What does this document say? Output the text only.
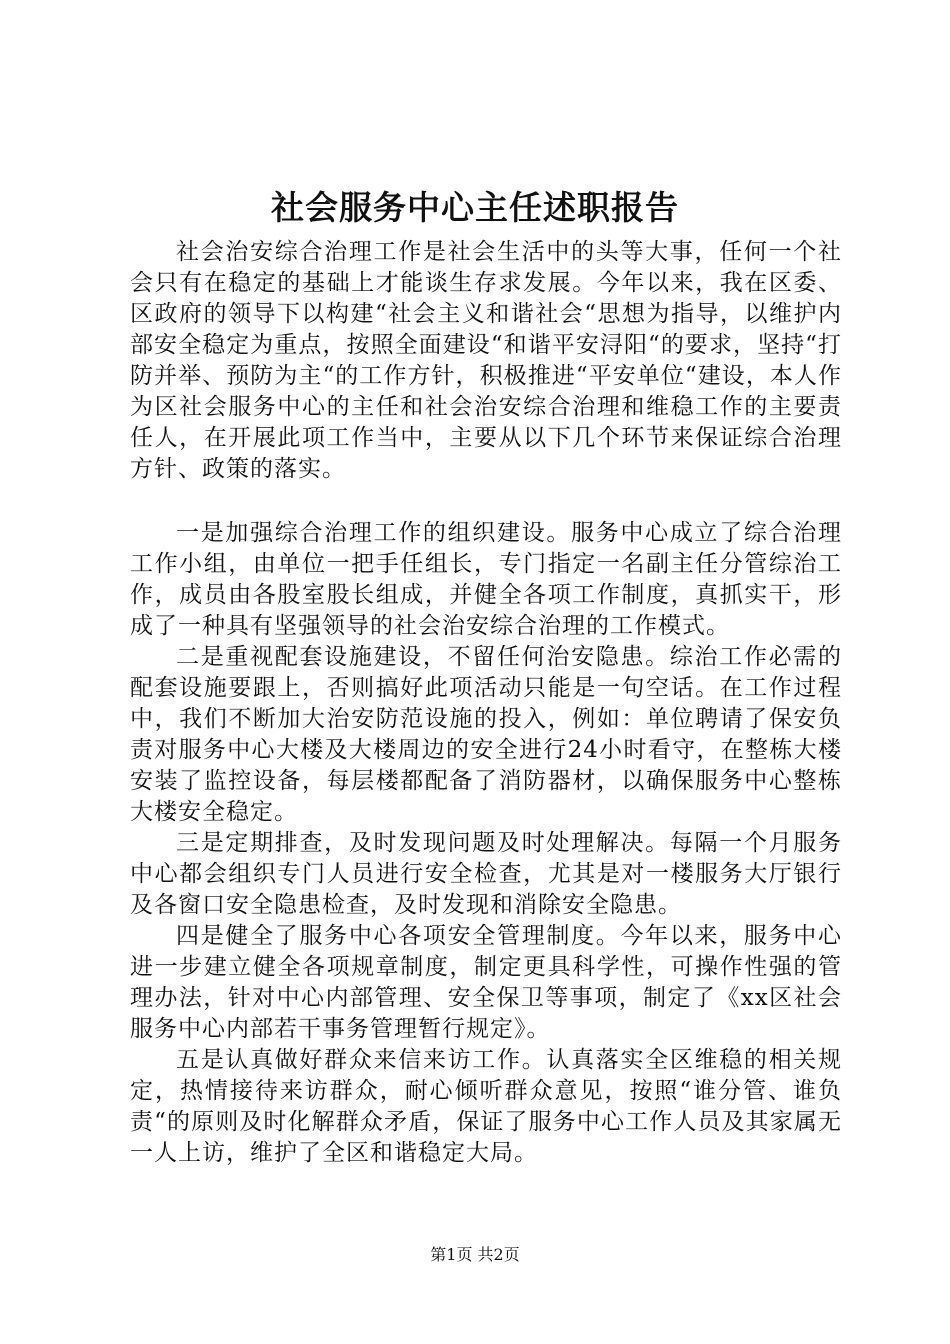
社会服务中心主任述职报告

社会治安综合治理工作是社会生活中的头等大事，任何一个社会只有在稳定的基础上才能谈生存求发展。今年以来，我在区委、区政府的领导下以构建“社会主义和谐社会“思想为指导，以维护内部安全稳定为重点，按照全面建设“和谐平安浔阳“的要求，坚持“打防并举、预防为主“的工作方针，积极推进“平安单位“建设，本人作为区社会服务中心的主任和社会治安综合治理和维稳工作的主要责任人，在开展此项工作当中，主要从以下几个环节来保证综合治理方针、政策的落实。

一是加强综合治理工作的组织建设。服务中心成立了综合治理工作小组，由单位一把手任组长，专门指定一名副主任分管综治工作，成员由各股室股长组成，并健全各项工作制度，真抓实干，形成了一种具有坚强领导的社会治安综合治理的工作模式。

二是重视配套设施建设，不留任何治安隐患。综治工作必需的配套设施要跟上，否则搞好此项活动只能是一句空话。在工作过程中，我们不断加大治安防范设施的投入，例如：单位聘请了保安负责对服务中心大楼及大楼周边的安全进行24小时看守，在整栋大楼安装了监控设备，每层楼都配备了消防器材，以确保服务中心整栋大楼安全稳定。

三是定期排查，及时发现问题及时处理解决。每隔一个月服务中心都会组织专门人员进行安全检查，尤其是对一楼服务大厅银行及各窗口安全隐患检查，及时发现和消除安全隐患。

四是健全了服务中心各项安全管理制度。今年以来，服务中心进一步建立健全各项规章制度，制定更具科学性，可操作性强的管理办法，针对中心内部管理、安全保卫等事项，制定了《xx区社会服务中心内部若干事务管理暂行规定》。

五是认真做好群众来信来访工作。认真落实全区维稳的相关规定，热情接待来访群众，耐心倾听群众意见，按照“谁分管、谁负责“的原则及时化解群众矛盾，保证了服务中心工作人员及其家属无一人上访，维护了全区和谐稳定大局。

第1页 共2页
